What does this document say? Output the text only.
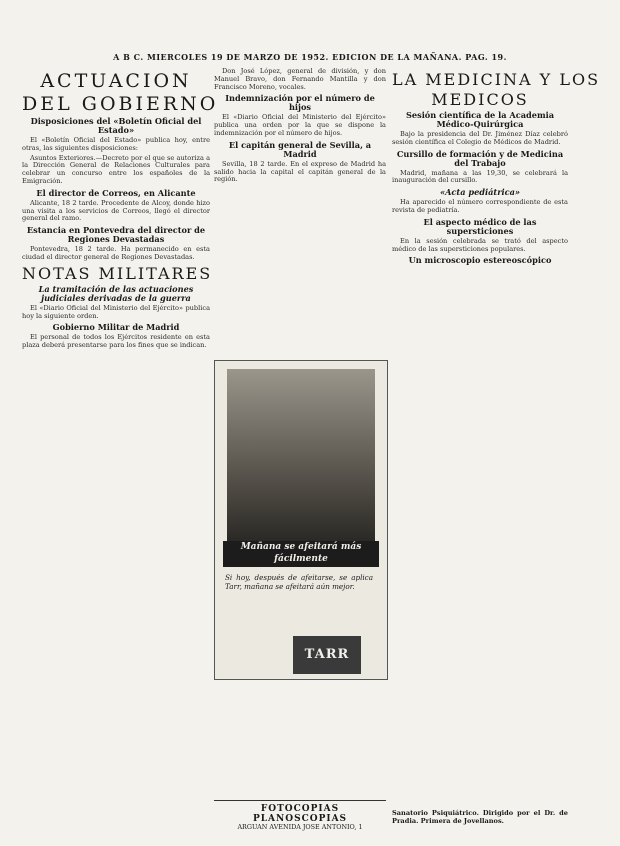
A B C. MIERCOLES 19 DE MARZO DE 1952. EDICION DE LA MAÑANA. PAG. 19.
ACTUACION
DEL GOBIERNO
Disposiciones del «Boletín Oficial del Estado»

El «Boletín Oficial del Estado» publica hoy, entre otras, las siguientes disposiciones:

Asuntos Exteriores.—Decreto por el que se autoriza a la Dirección General de Relaciones Culturales para celebrar un concurso entre los españoles de la Emigración.

El director de Correos, en Alicante

Alicante, 18 2 tarde. Procedente de Alcoy, donde hizo una visita a los servicios de Correos, llegó el director general del ramo.

Estancia en Pontevedra del director de Regiones Devastadas

Pontevedra, 18 2 tarde. Ha permanecido en esta ciudad el director general de Regiones Devastadas.

NOTAS MILITARES
La tramitación de las actuaciones judiciales derivadas de la guerra

El «Diario Oficial del Ministerio del Ejército» publica hoy la siguiente orden.

Gobierno Militar de Madrid

El personal de todos los Ejércitos residente en esta plaza deberá presentarse para los fines que se indican.

Don José López, general de división, y don Manuel Bravo, don Fernando Mantilla y don Francisco Moreno, vocales.

Indemnización por el número de hijos

El «Diario Oficial del Ministerio del Ejército» publica una orden por la que se dispone la indemnización por el número de hijos.

El capitán general de Sevilla, a Madrid

Sevilla, 18 2 tarde. En el expreso de Madrid ha salido hacia la capital el capitán general de la región.

Mañana se afeitará más fácilmente
Si hoy, después de afeitarse, se aplica Tarr, mañana se afeitará aún mejor.
TARR
FOTOCOPIAS PLANOSCOPIAS
ARGUAN AVENIDA JOSE ANTONIO, 1
LA MEDICINA Y LOS
MEDICOS
Sesión científica de la Academia Médico-Quirúrgica

Bajo la presidencia del Dr. Jiménez Díaz celebró sesión científica el Colegio de Médicos de Madrid.

Cursillo de formación y de Medicina del Trabajo

Madrid, mañana a las 19,30, se celebrará la inauguración del cursillo.

«Acta pediátrica»

Ha aparecido el número correspondiente de esta revista de pediatría.

El aspecto médico de las supersticiones

En la sesión celebrada se trató del aspecto médico de las supersticiones populares.

Un microscopio estereoscópico
Sanatorio Psiquiátrico. Dirigido por el Dr. de Pradia. Primera de Jovellanos.
